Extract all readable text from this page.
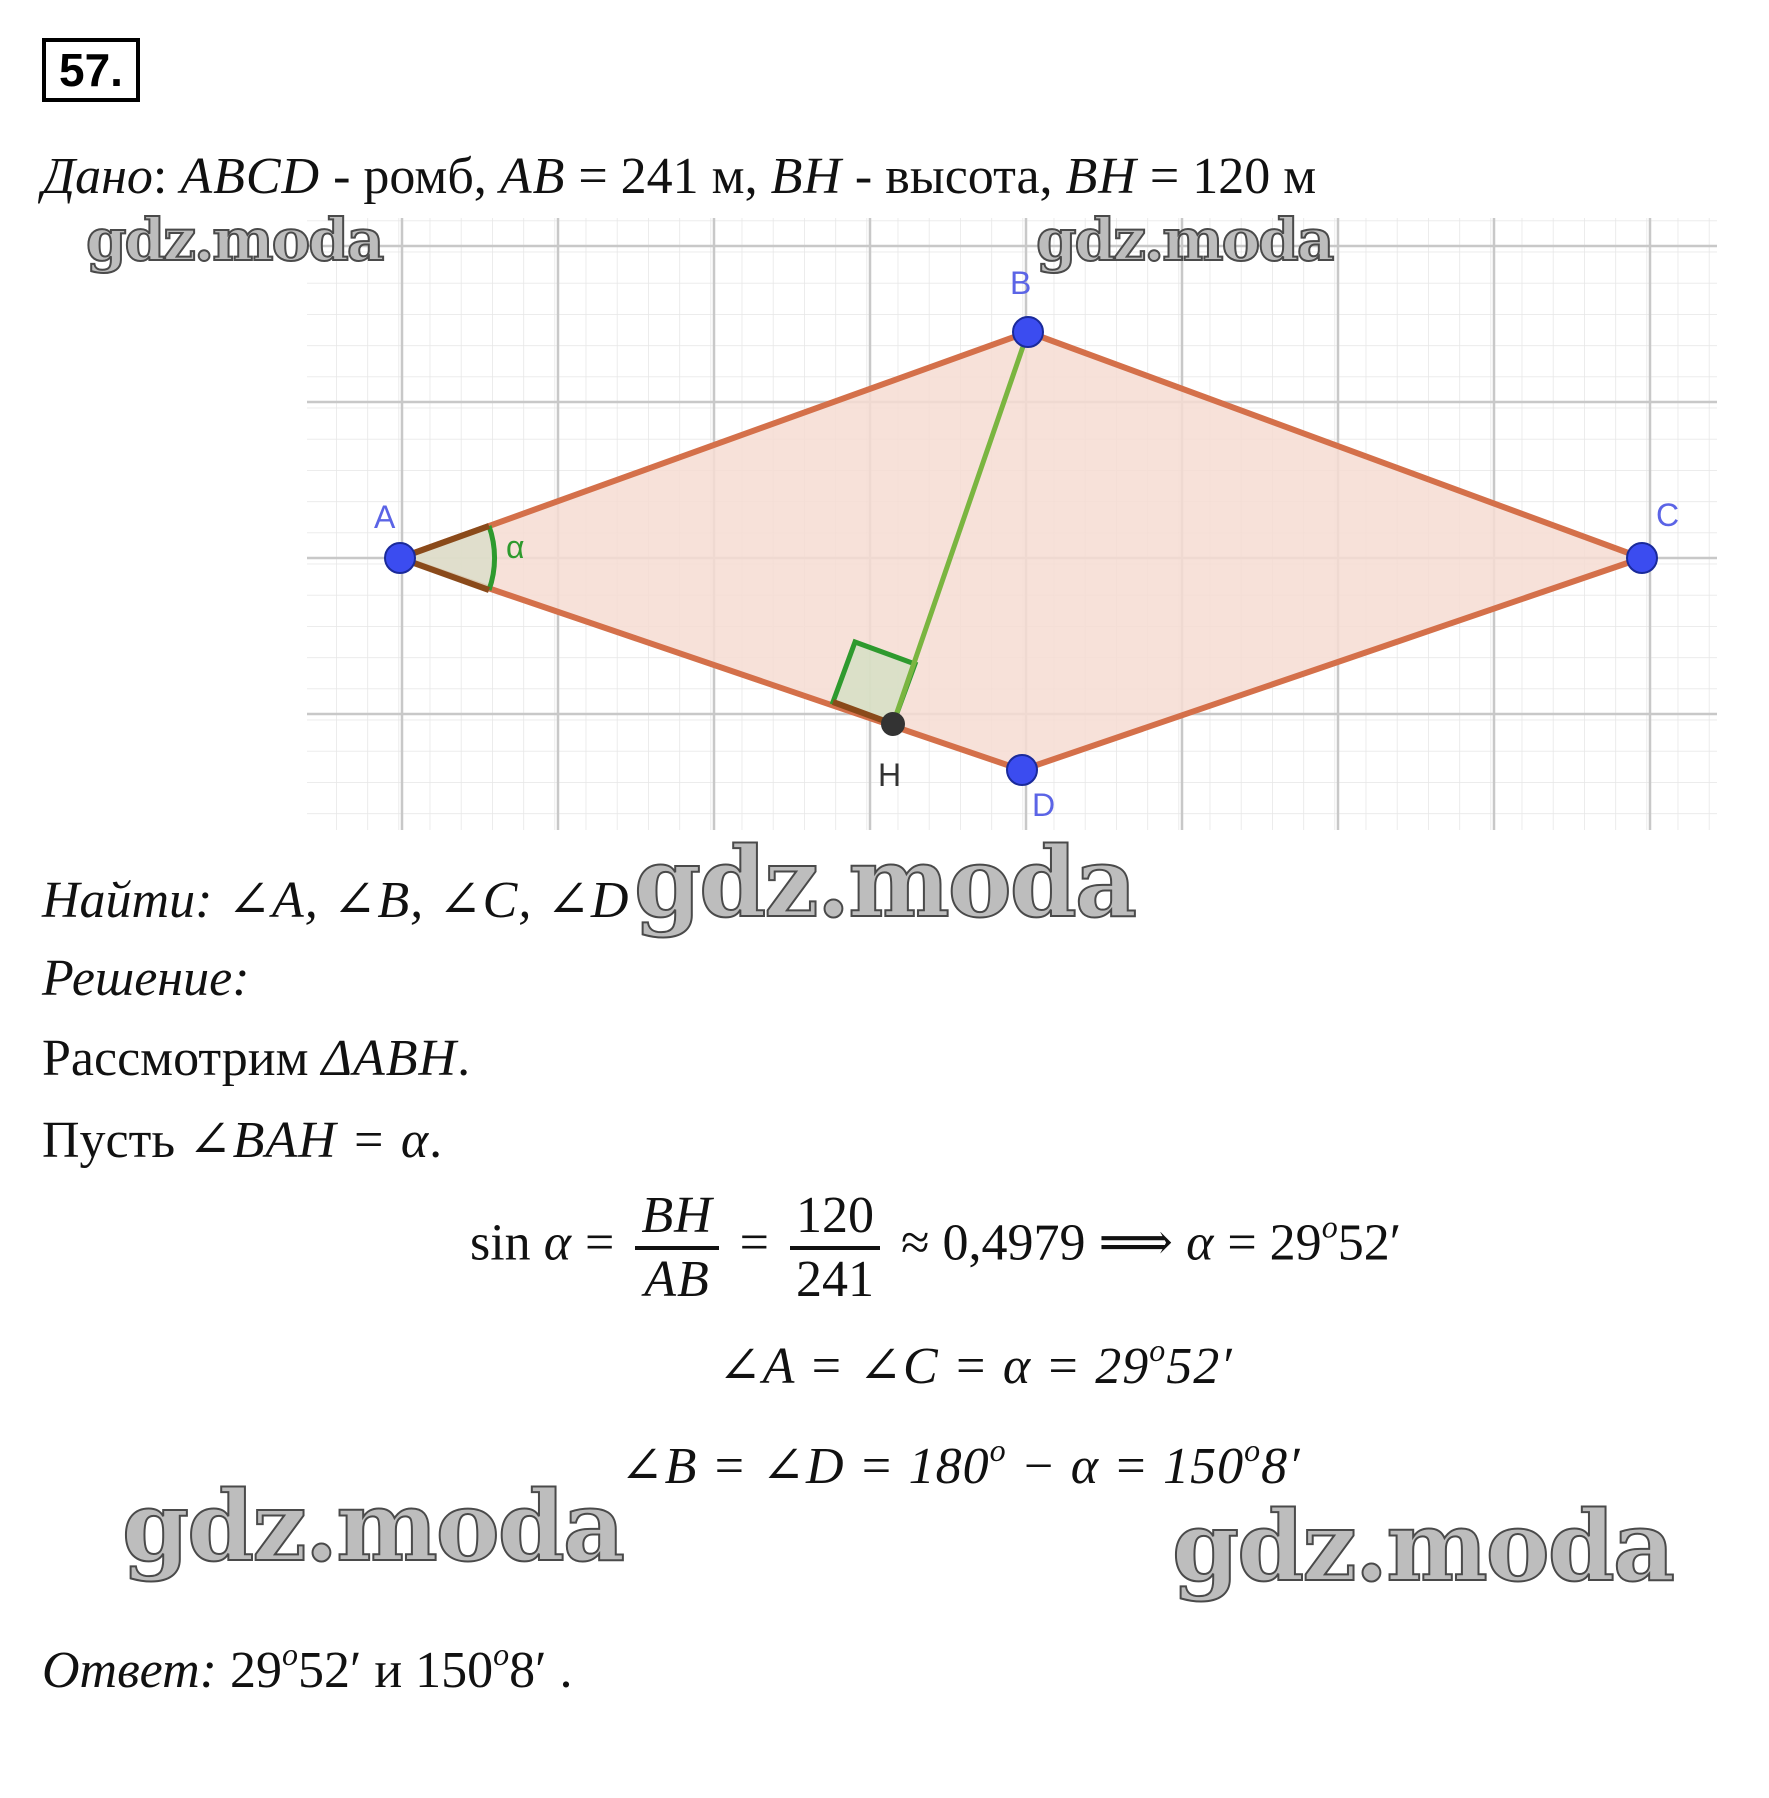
57.
Дано: ABCD - ромб, AB = 241 м, BH - высота, BH = 120 м
A
B
C
D
H
α
Найти: ∠A, ∠B, ∠C, ∠D
Решение:
Рассмотрим ΔABH.
Пусть ∠BAH = α.
$\sin \alpha = \frac{BH}{AB} = \frac{120}{241} \approx 0,4979$ ⟹ $\alpha = 29^o52'$
∠A = ∠C = $\alpha = 29^o52'$
∠B = ∠D = $180^o - \alpha = 150^o8'$
Ответ: 29$^o$52′ и 150$^o$8′ .
gdz.moda	gdz.moda
gdz.moda
gdz.moda	gdz.moda
